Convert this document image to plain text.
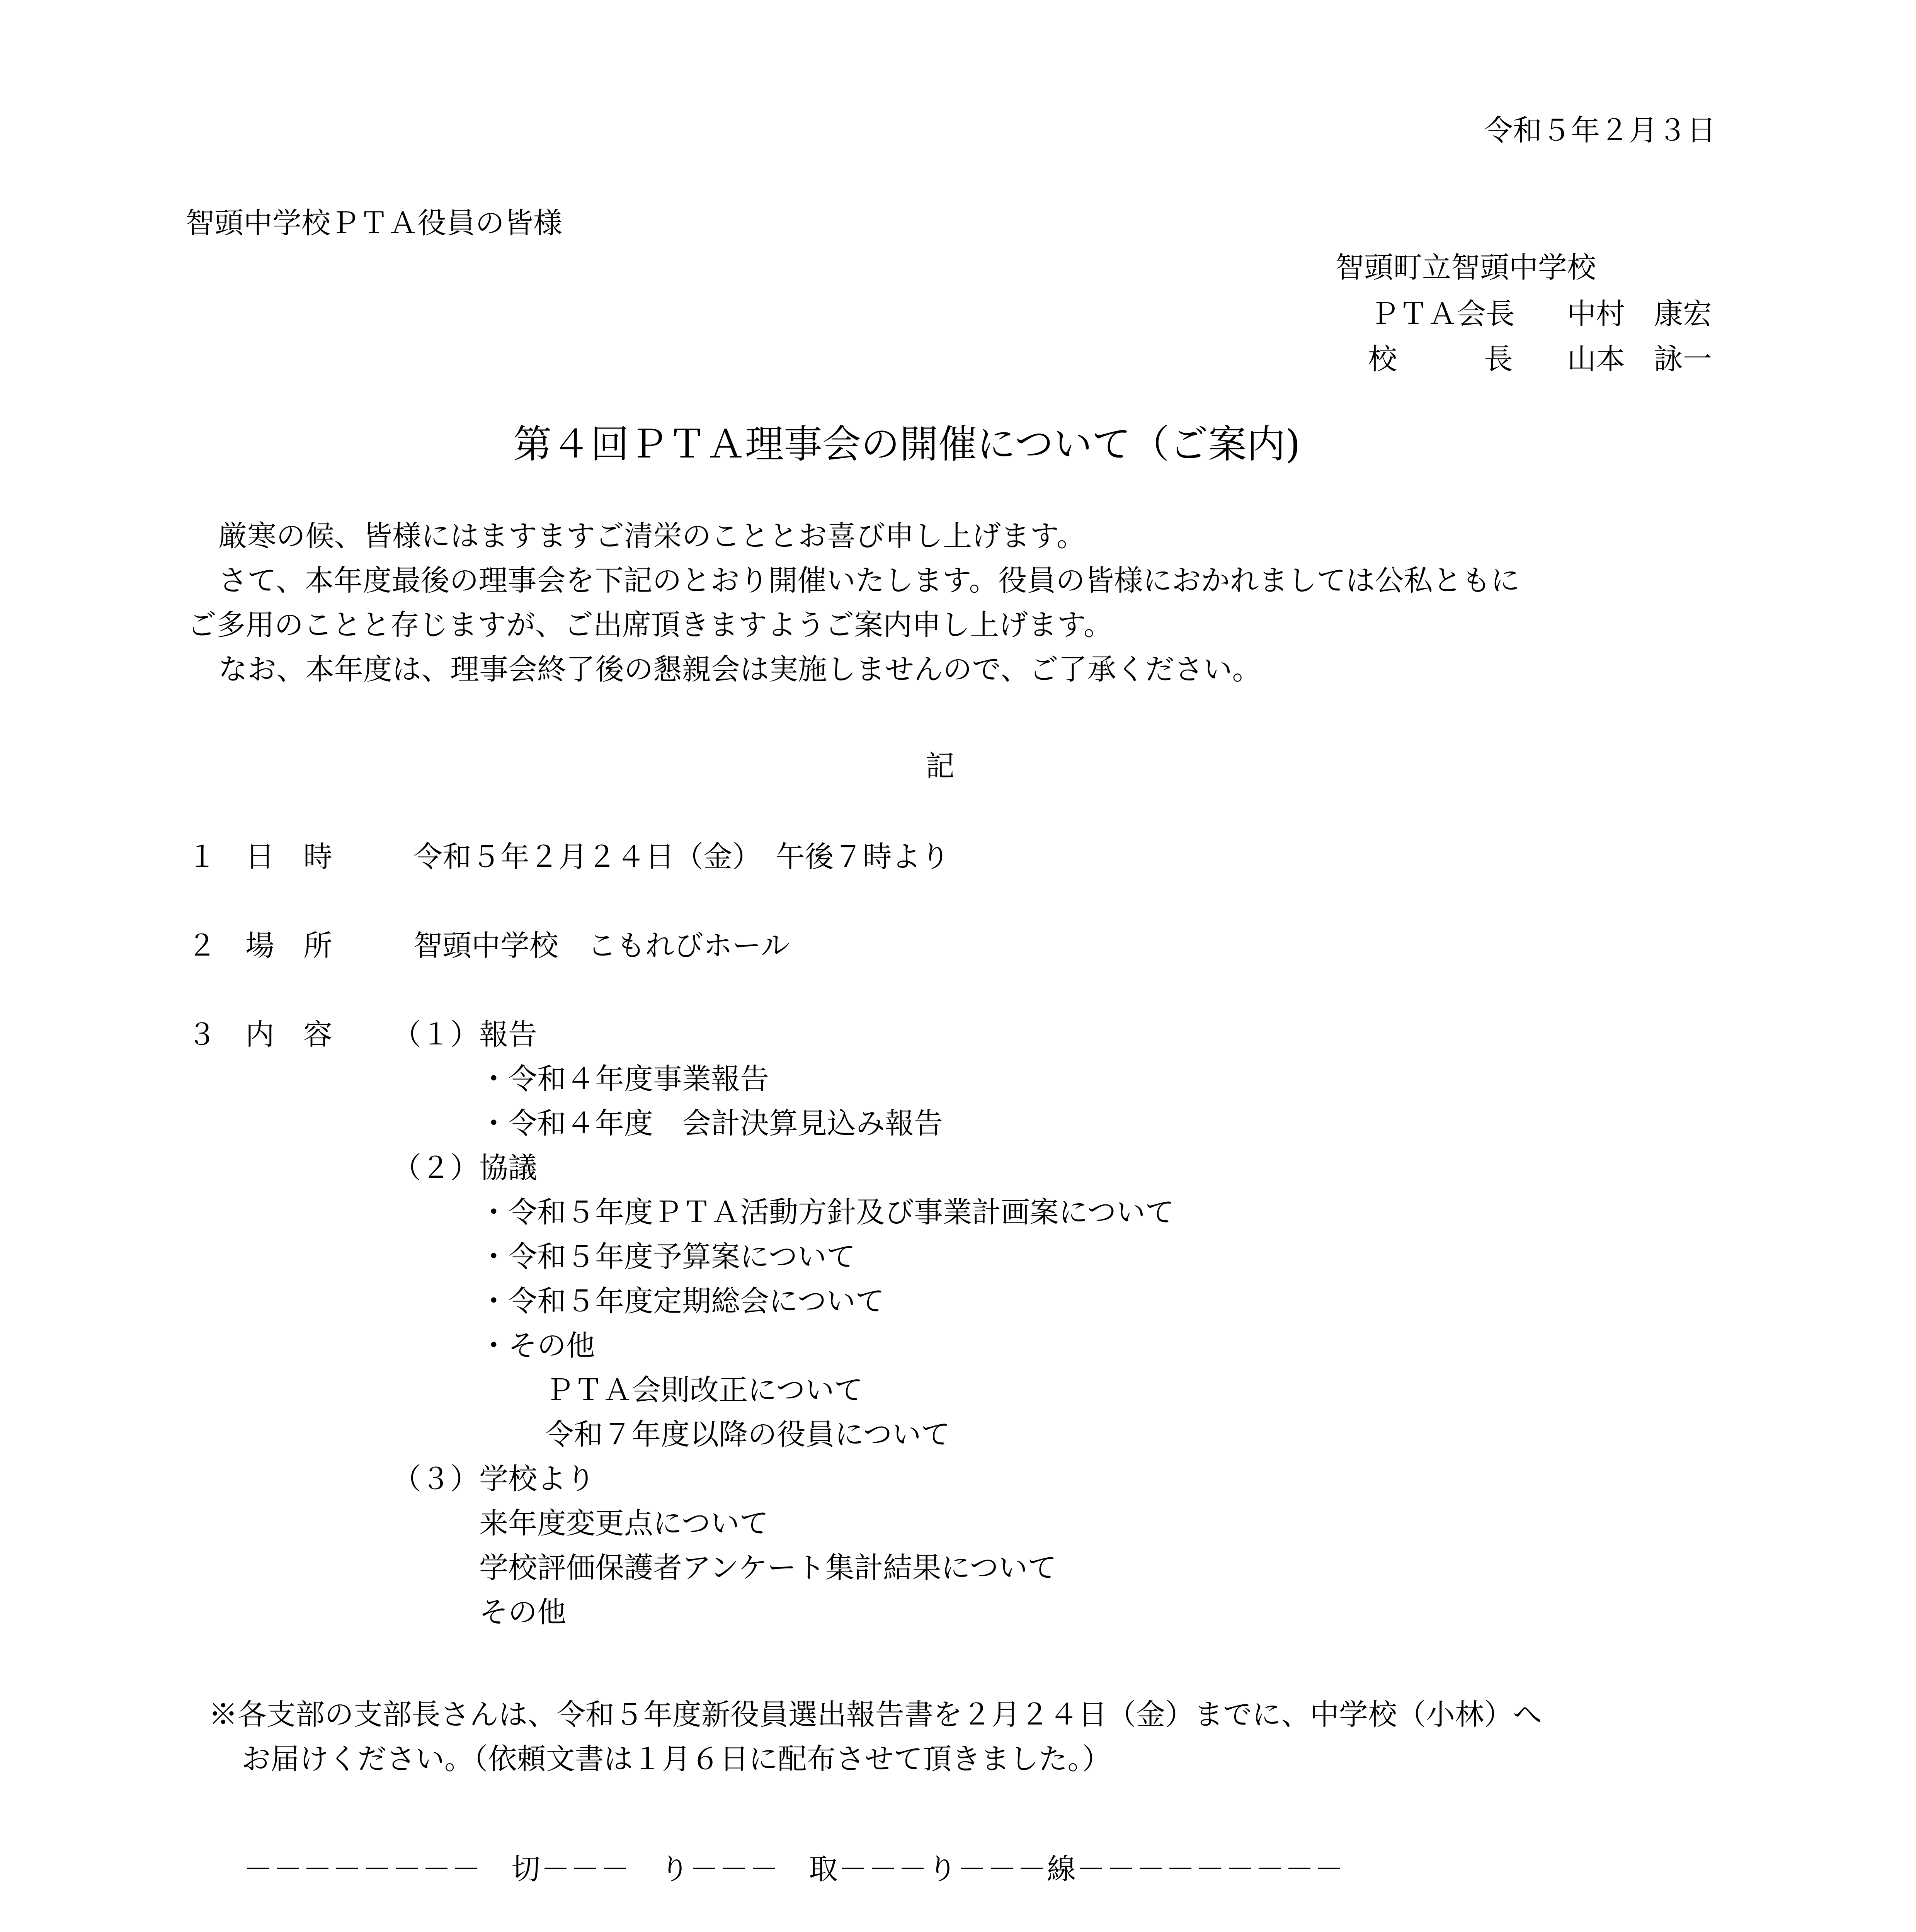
令和５年２月３日
智頭中学校ＰＴＡ役員の皆様
智頭町立智頭中学校
ＰＴＡ会長 中村　康宏
校　　　長 山本　詠一
第４回ＰＴＡ理事会の開催について（ご案内)
厳寒の候、皆様にはますますご清栄のこととお喜び申し上げます。
さて、本年度最後の理事会を下記のとおり開催いたします。役員の皆様におかれましては公私ともに
ご多用のことと存じますが、ご出席頂きますようご案内申し上げます。
なお、本年度は、理事会終了後の懇親会は実施しませんので、ご了承ください。
記
１　日　時	令和５年２月２４日（金）　午後７時より
２　場　所	智頭中学校　こもれびホール
３　内　容 （１）報告
・令和４年度事業報告
・令和４年度　会計決算見込み報告
（２）協議
・令和５年度ＰＴＡ活動方針及び事業計画案について
・令和５年度予算案について
・令和５年度定期総会について
・その他
ＰＴＡ会則改正について
令和７年度以降の役員について
（３）学校より
来年度変更点について
学校評価保護者アンケート集計結果について
その他
※各支部の支部長さんは、令和５年度新役員選出報告書を２月２４日（金）までに、中学校（小林）へ
お届けください。（依頼文書は１月６日に配布させて頂きました。）
－－－－－－－－　切－－－　り－－－　取－－－り－－－線－－－－－－－－－
